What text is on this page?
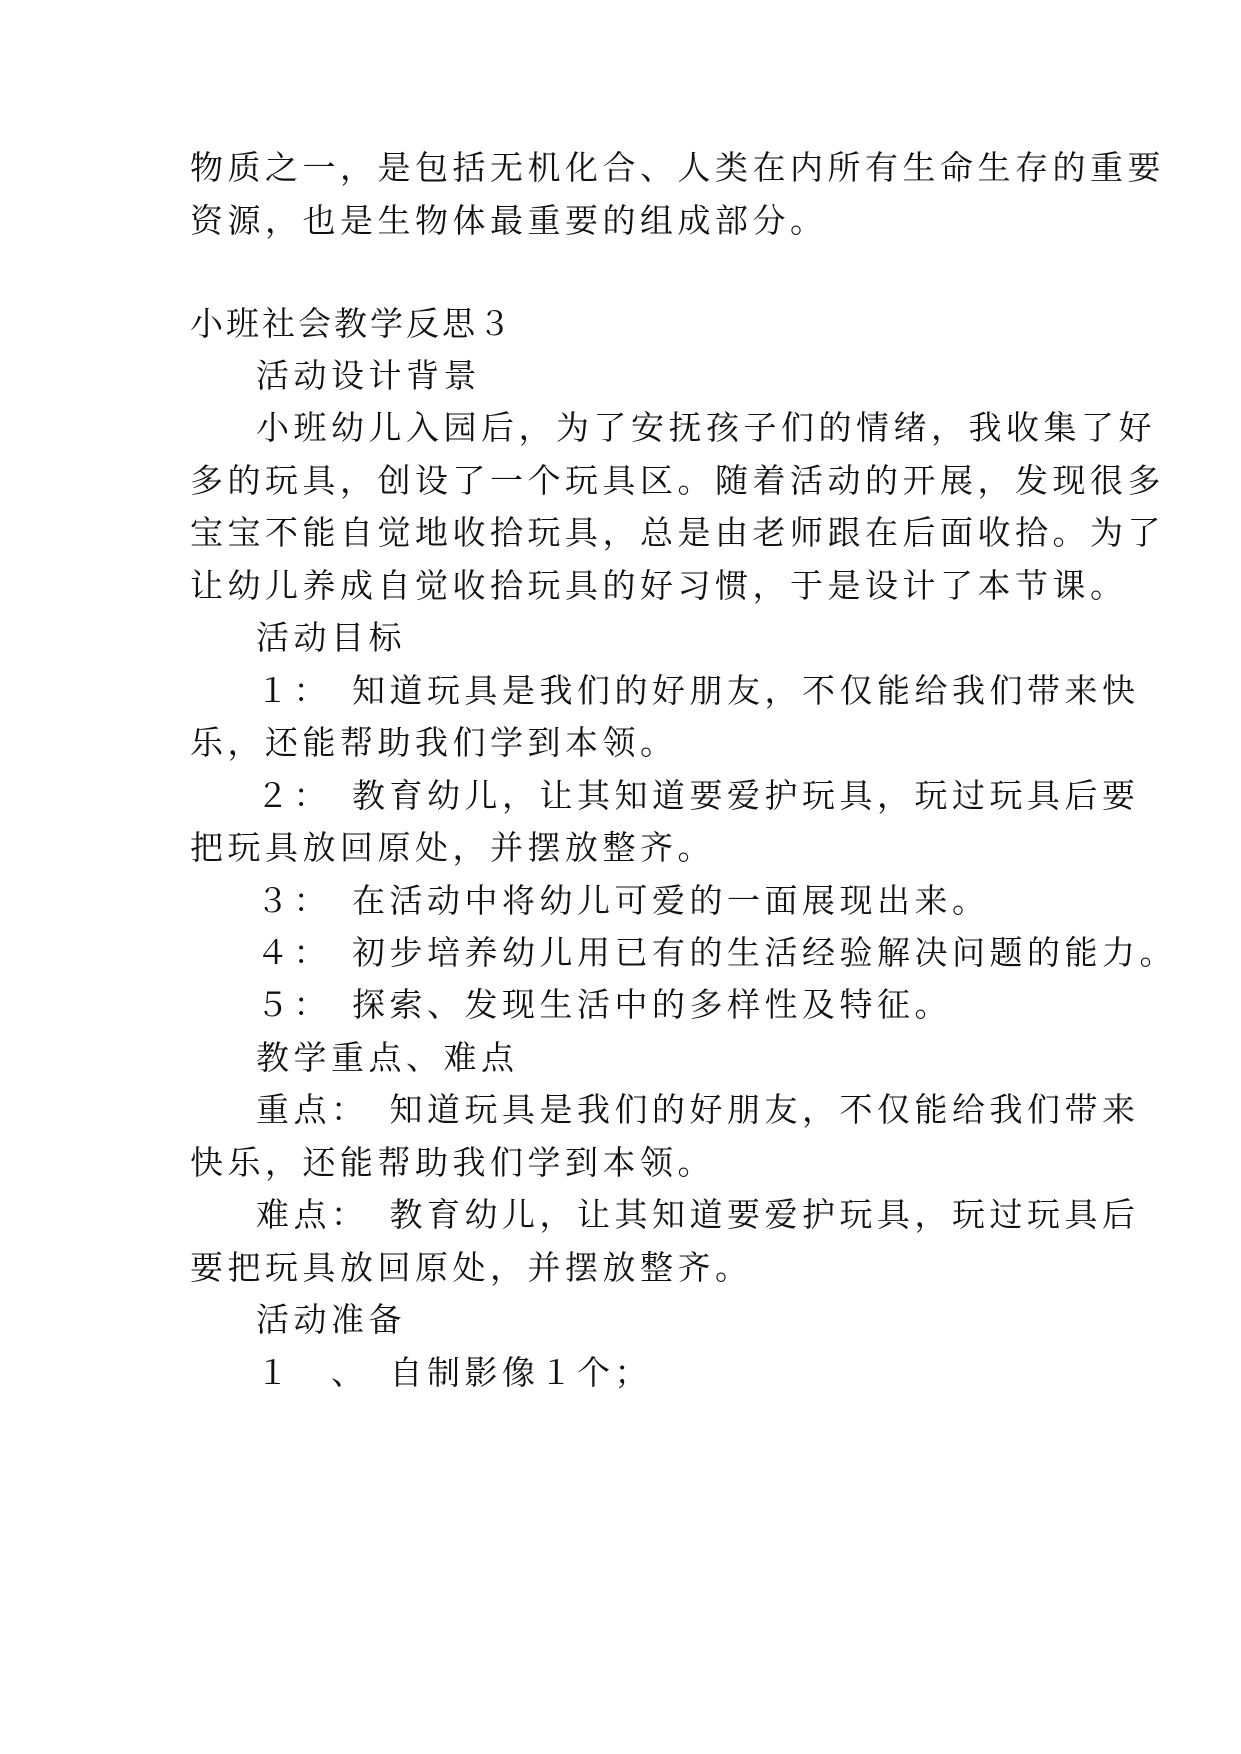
物质之一，是包括无机化合、人类在内所有生命生存的重要
资源，也是生物体最重要的组成部分。
小班社会教学反思３
活动设计背景
小班幼儿入园后，为了安抚孩子们的情绪，我收集了好
多的玩具，创设了一个玩具区。随着活动的开展，发现很多
宝宝不能自觉地收拾玩具，总是由老师跟在后面收拾。为了
让幼儿养成自觉收拾玩具的好习惯，于是设计了本节课。
活动目标
１：　知道玩具是我们的好朋友，不仅能给我们带来快
乐，还能帮助我们学到本领。
２：　教育幼儿，让其知道要爱护玩具，玩过玩具后要
把玩具放回原处，并摆放整齐。
３：　在活动中将幼儿可爱的一面展现出来。
４：　初步培养幼儿用已有的生活经验解决问题的能力。
５：　探索、发现生活中的多样性及特征。
教学重点、难点
重点：　知道玩具是我们的好朋友，不仅能给我们带来
快乐，还能帮助我们学到本领。
难点：　教育幼儿，让其知道要爱护玩具，玩过玩具后
要把玩具放回原处，并摆放整齐。
活动准备
１　、　自制影像１个；
